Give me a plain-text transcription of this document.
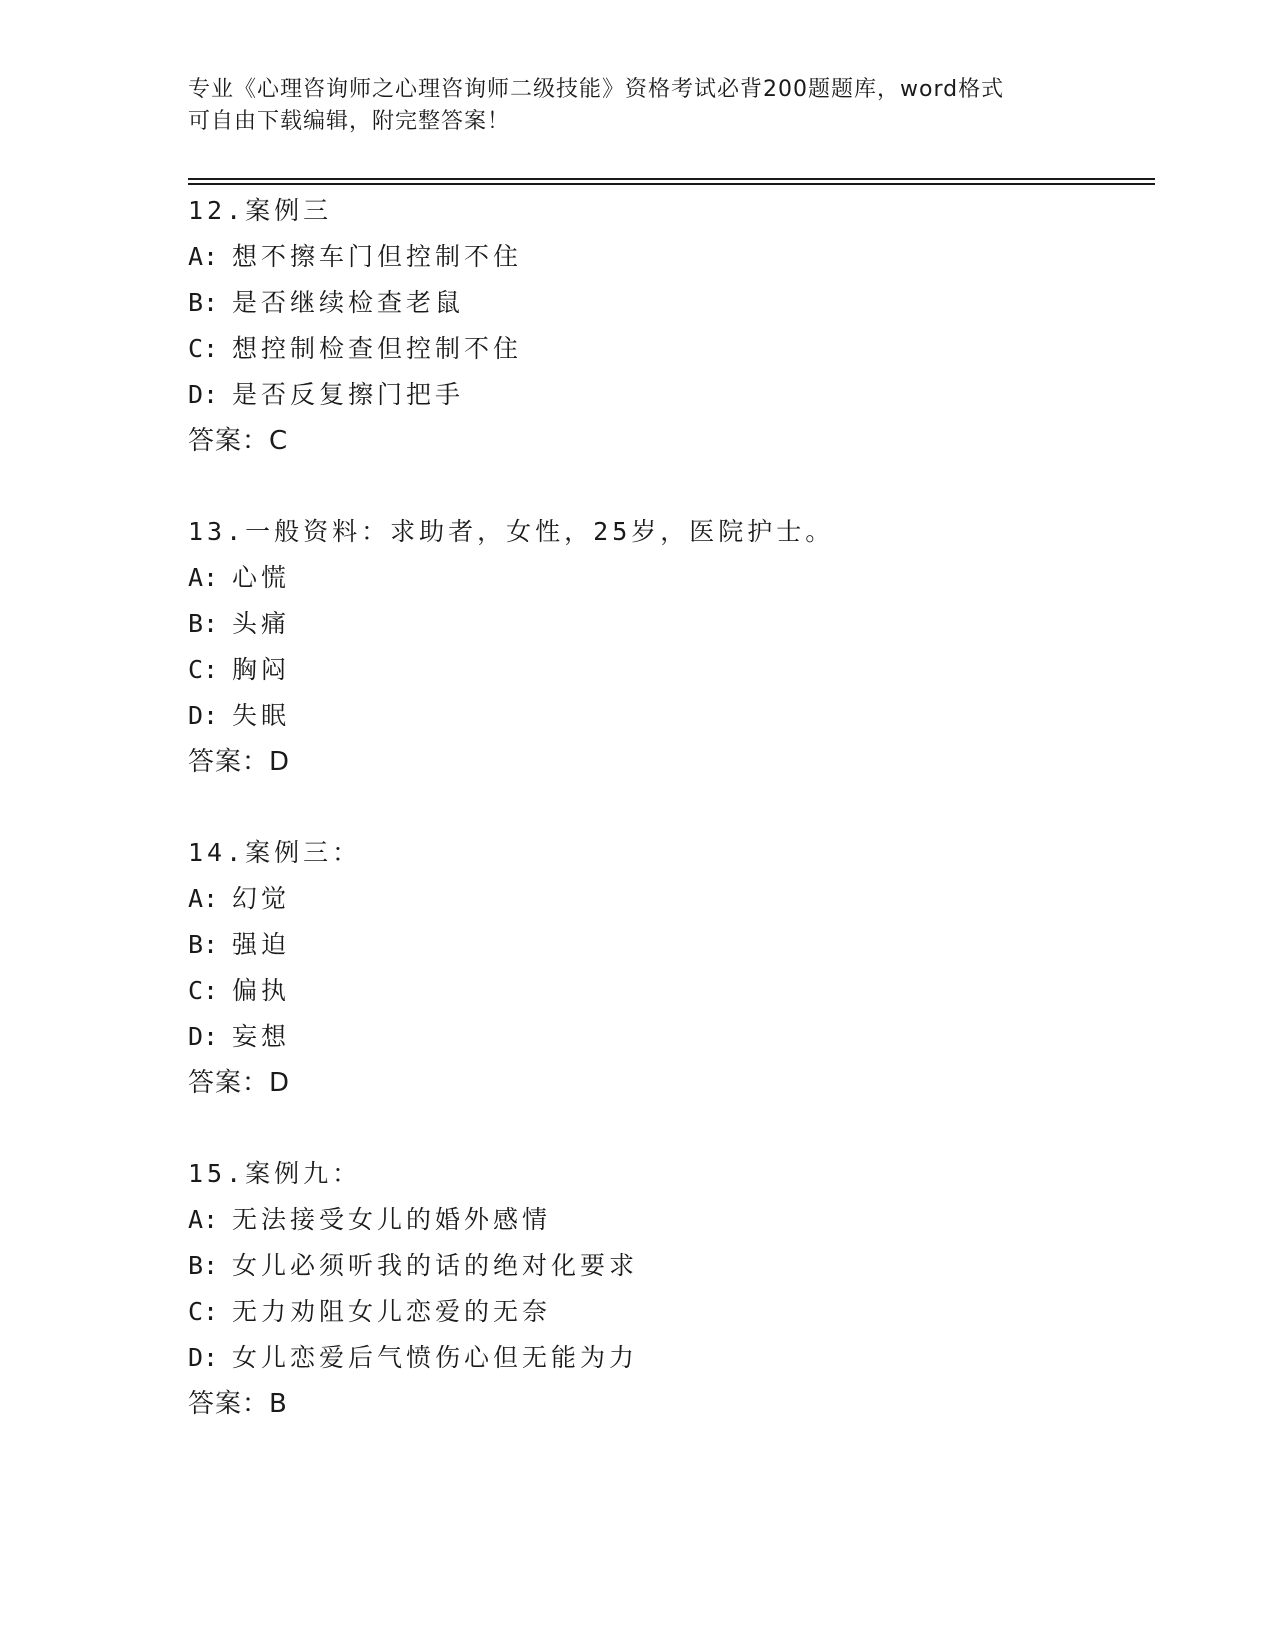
专业《心理咨询师之心理咨询师二级技能》资格考试必背200题题库，word格式
可自由下载编辑，附完整答案！
12.案例三
A: 想不擦车门但控制不住
B: 是否继续检查老鼠
C: 想控制检查但控制不住
D: 是否反复擦门把手
答案：C
13.一般资料：求助者，女性，25岁，医院护士。
A: 心慌
B: 头痛
C: 胸闷
D: 失眠
答案：D
14.案例三：
A: 幻觉
B: 强迫
C: 偏执
D: 妄想
答案：D
15.案例九：
A: 无法接受女儿的婚外感情
B: 女儿必须听我的话的绝对化要求
C: 无力劝阻女儿恋爱的无奈
D: 女儿恋爱后气愤伤心但无能为力
答案：B
